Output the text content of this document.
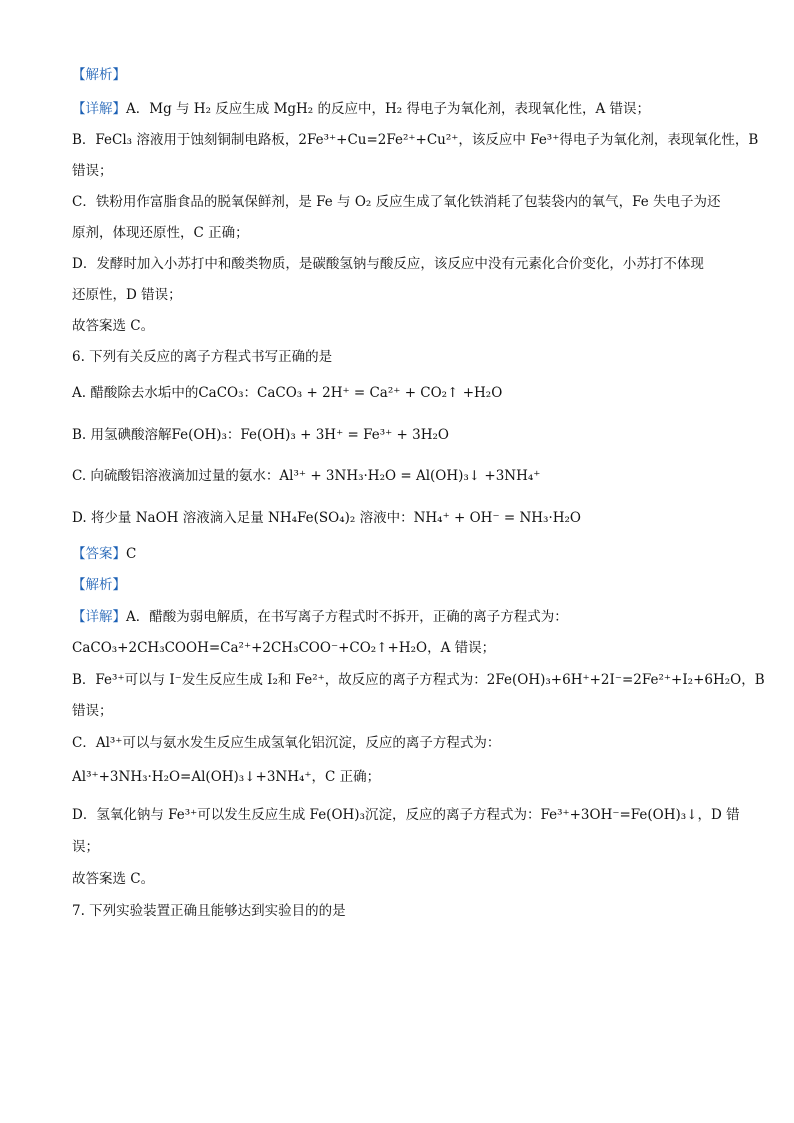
【解析】
【详解】A．Mg 与 H₂ 反应生成 MgH₂ 的反应中，H₂ 得电子为氧化剂，表现氧化性，A 错误；
B．FeCl₃ 溶液用于蚀刻铜制电路板，2Fe³⁺+Cu=2Fe²⁺+Cu²⁺，该反应中 Fe³⁺得电子为氧化剂，表现氧化性，B
错误；
C．铁粉用作富脂食品的脱氧保鲜剂，是 Fe 与 O₂ 反应生成了氧化铁消耗了包装袋内的氧气，Fe 失电子为还
原剂，体现还原性，C 正确；
D．发酵时加入小苏打中和酸类物质，是碳酸氢钠与酸反应，该反应中没有元素化合价变化，小苏打不体现
还原性，D 错误；
故答案选 C。
6. 下列有关反应的离子方程式书写正确的是
A. 醋酸除去水垢中的CaCO₃：CaCO₃ + 2H⁺ = Ca²⁺ + CO₂↑ +H₂O
B. 用氢碘酸溶解Fe(OH)₃：Fe(OH)₃ + 3H⁺ = Fe³⁺ + 3H₂O
C. 向硫酸铝溶液滴加过量的氨水：Al³⁺ + 3NH₃·H₂O = Al(OH)₃↓ +3NH₄⁺
D. 将少量 NaOH 溶液滴入足量 NH₄Fe(SO₄)₂ 溶液中：NH₄⁺ + OH⁻ = NH₃·H₂O
【答案】C
【解析】
【详解】A．醋酸为弱电解质，在书写离子方程式时不拆开，正确的离子方程式为：
CaCO₃+2CH₃COOH=Ca²⁺+2CH₃COO⁻+CO₂↑+H₂O，A 错误；
B．Fe³⁺可以与 I⁻发生反应生成 I₂和 Fe²⁺，故反应的离子方程式为：2Fe(OH)₃+6H⁺+2I⁻=2Fe²⁺+I₂+6H₂O，B
错误；
C．Al³⁺可以与氨水发生反应生成氢氧化铝沉淀，反应的离子方程式为：
Al³⁺+3NH₃·H₂O=Al(OH)₃↓+3NH₄⁺，C 正确；
D．氢氧化钠与 Fe³⁺可以发生反应生成 Fe(OH)₃沉淀，反应的离子方程式为：Fe³⁺+3OH⁻=Fe(OH)₃↓，D 错
误；
故答案选 C。
7. 下列实验装置正确且能够达到实验目的的是
